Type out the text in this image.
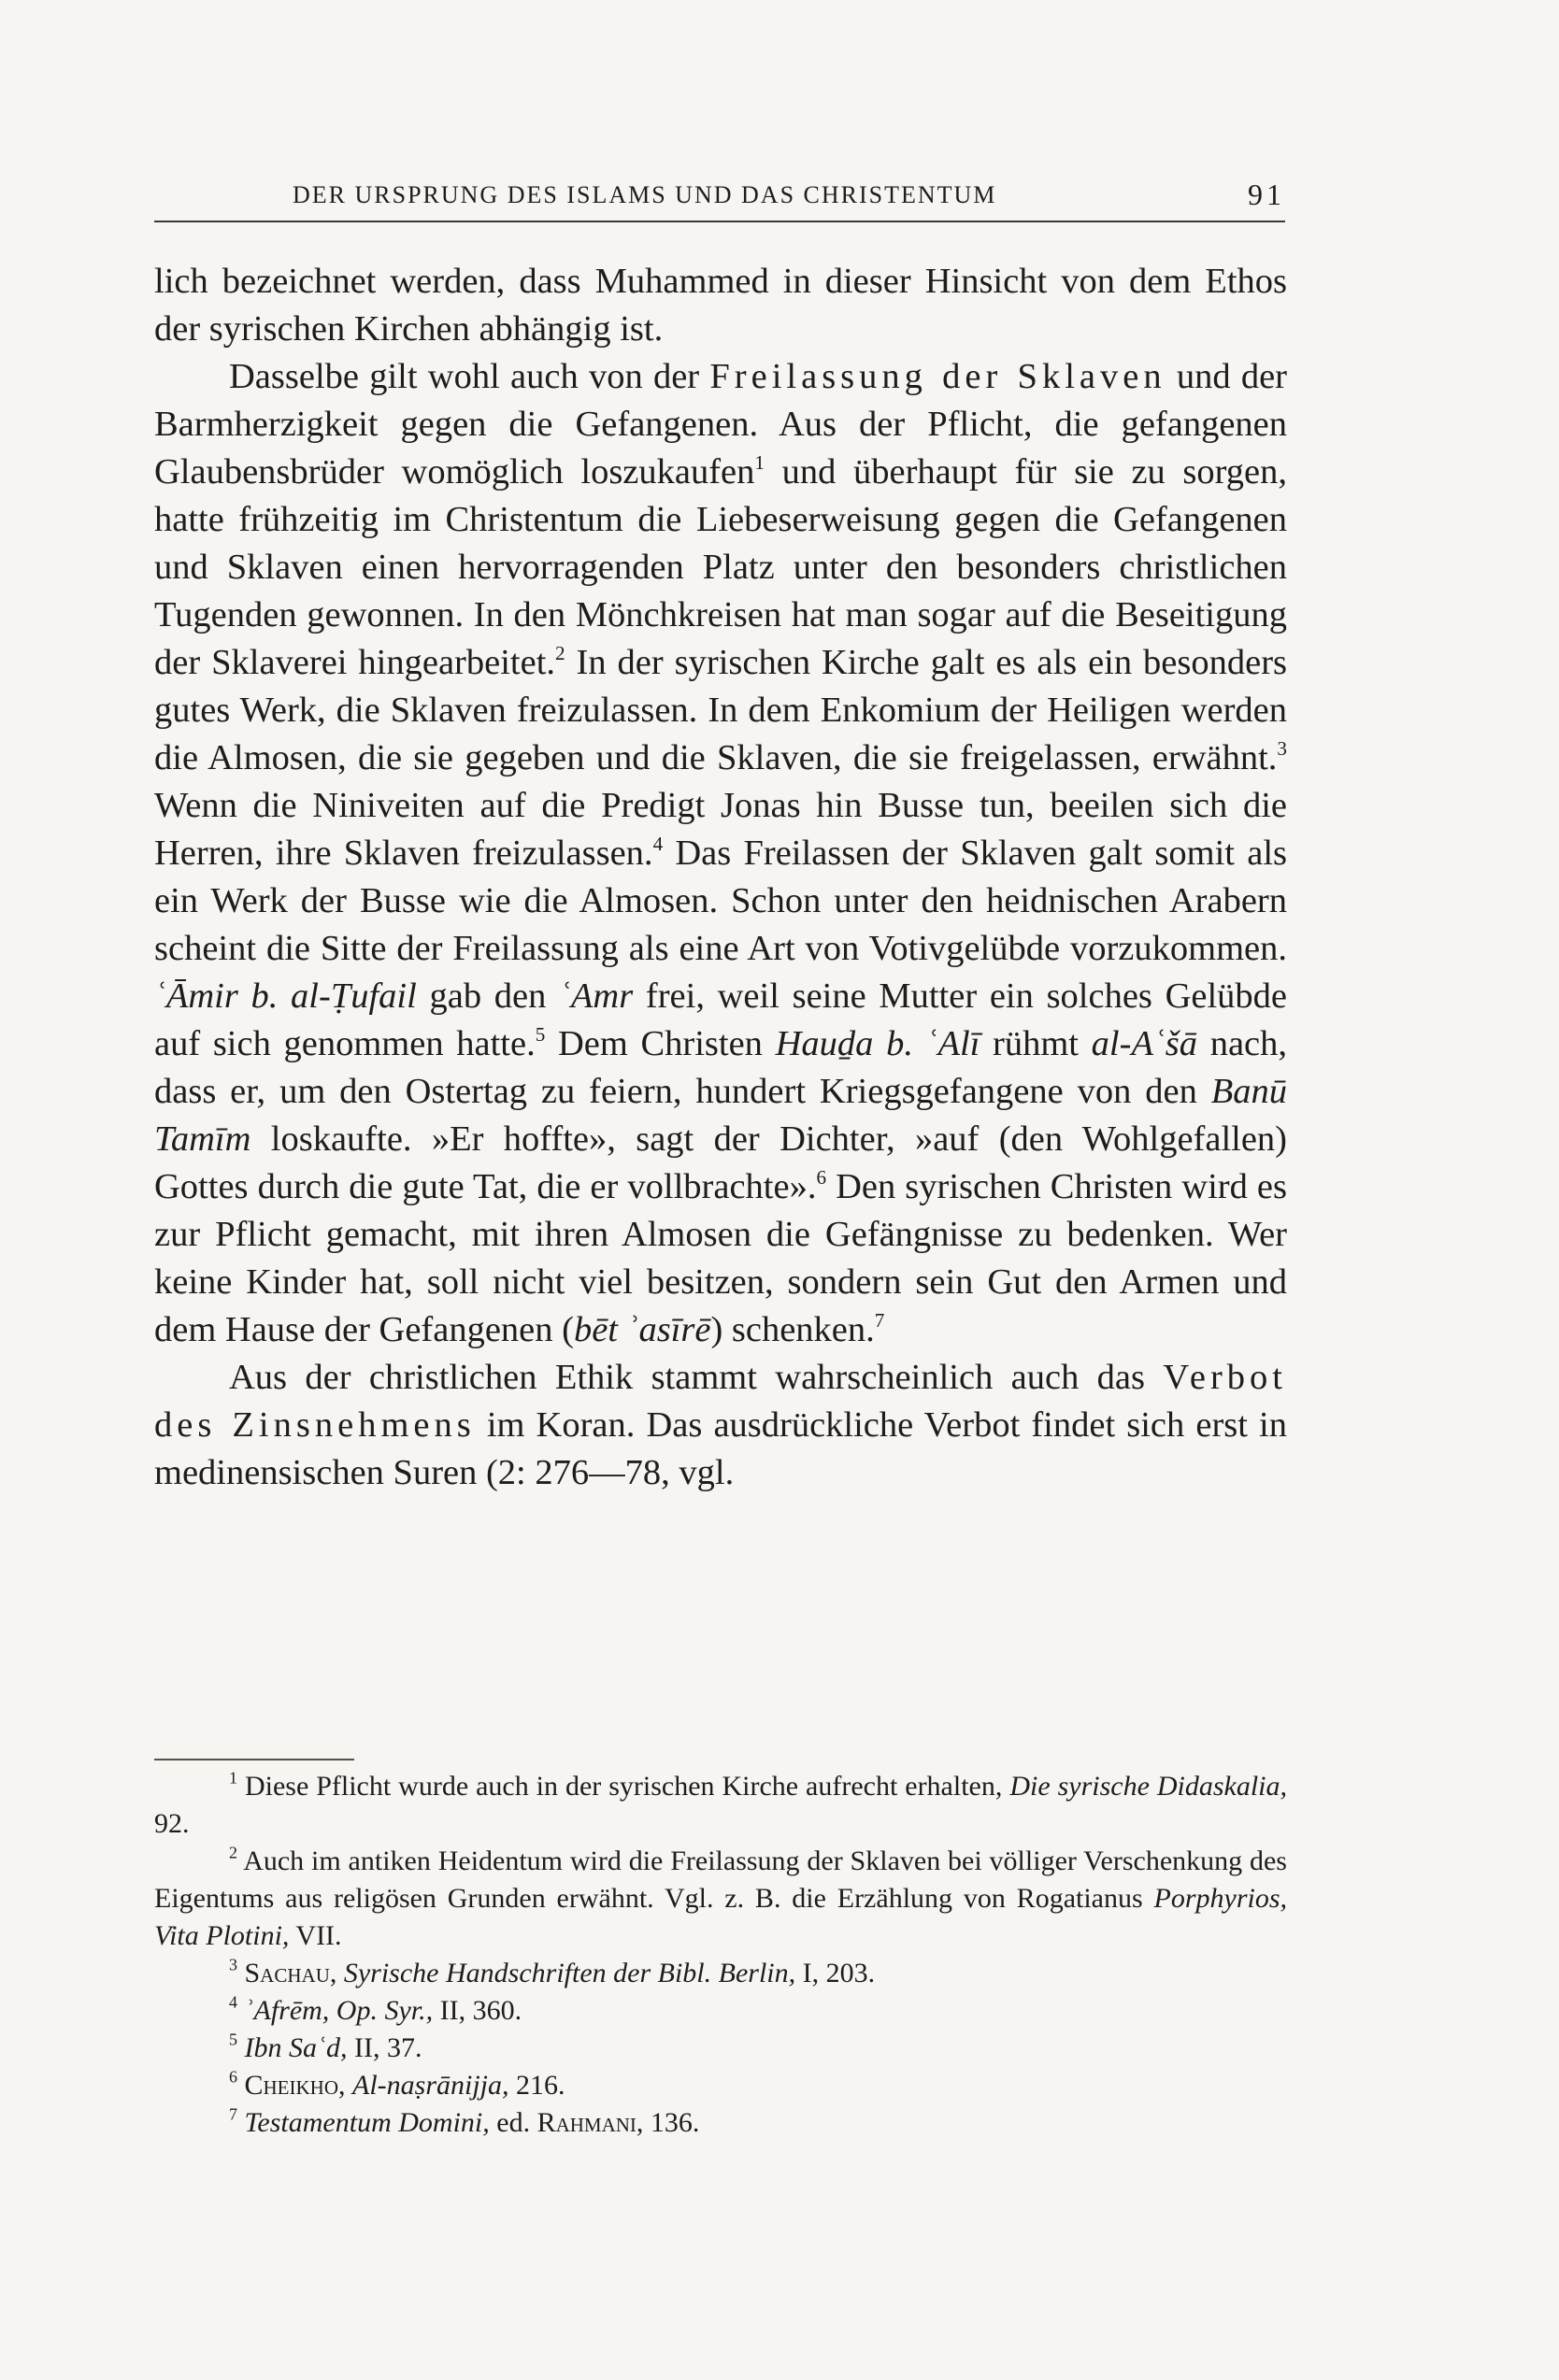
DER URSPRUNG DES ISLAMS UND DAS CHRISTENTUM	91

lich bezeichnet werden, dass Muhammed in dieser Hinsicht von dem Ethos der syrischen Kirchen abhängig ist.

Dasselbe gilt wohl auch von der Freilassung der Sklaven und der Barmherzigkeit gegen die Gefangenen. Aus der Pflicht, die gefangenen Glaubensbrüder womöglich loszukaufen$^1$ und überhaupt für sie zu sorgen, hatte frühzeitig im Christentum die Liebeserweisung gegen die Gefangenen und Sklaven einen hervorragenden Platz unter den besonders christlichen Tugenden gewonnen. In den Mönchkreisen hat man sogar auf die Beseitigung der Sklaverei hingearbeitet.$^2$ In der syrischen Kirche galt es als ein besonders gutes Werk, die Sklaven freizulassen. In dem Enkomium der Heiligen werden die Almosen, die sie gegeben und die Sklaven, die sie freigelassen, erwähnt.$^3$ Wenn die Niniveiten auf die Predigt Jonas hin Busse tun, beeilen sich die Herren, ihre Sklaven freizulassen.$^4$ Das Freilassen der Sklaven galt somit als ein Werk der Busse wie die Almosen. Schon unter den heidnischen Arabern scheint die Sitte der Freilassung als eine Art von Votivgelübde vorzukommen. ʿĀmir b. al-Ṭufail gab den ʿAmr frei, weil seine Mutter ein solches Gelübde auf sich genommen hatte.$^5$ Dem Christen Hauḏa b. ʿAlī rühmt al-Aʿšā nach, dass er, um den Ostertag zu feiern, hundert Kriegsgefangene von den Banū Tamīm loskaufte. »Er hoffte», sagt der Dichter, »auf (den Wohlgefallen) Gottes durch die gute Tat, die er vollbrachte».$^6$ Den syrischen Christen wird es zur Pflicht gemacht, mit ihren Almosen die Gefängnisse zu bedenken. Wer keine Kinder hat, soll nicht viel besitzen, sondern sein Gut den Armen und dem Hause der Gefangenen (bēt ʾasīrē) schenken.$^7$

Aus der christlichen Ethik stammt wahrscheinlich auch das Verbot des Zinsnehmens im Koran. Das ausdrückliche Verbot findet sich erst in medinensischen Suren (2: 276—78, vgl.

$^1$ Diese Pflicht wurde auch in der syrischen Kirche aufrecht erhalten, Die syrische Didaskalia, 92.

$^2$ Auch im antiken Heidentum wird die Freilassung der Sklaven bei völliger Verschenkung des Eigentums aus religösen Grunden erwähnt. Vgl. z. B. die Erzählung von Rogatianus Porphyrios, Vita Plotini, VII.

$^3$ Sachau, Syrische Handschriften der Bibl. Berlin, I, 203.

$^4$ ʾAfrēm, Op. Syr., II, 360.

$^5$ Ibn Saʿd, II, 37.

$^6$ Cheikho, Al-naṣrānijja, 216.

$^7$ Testamentum Domini, ed. Rahmani, 136.
